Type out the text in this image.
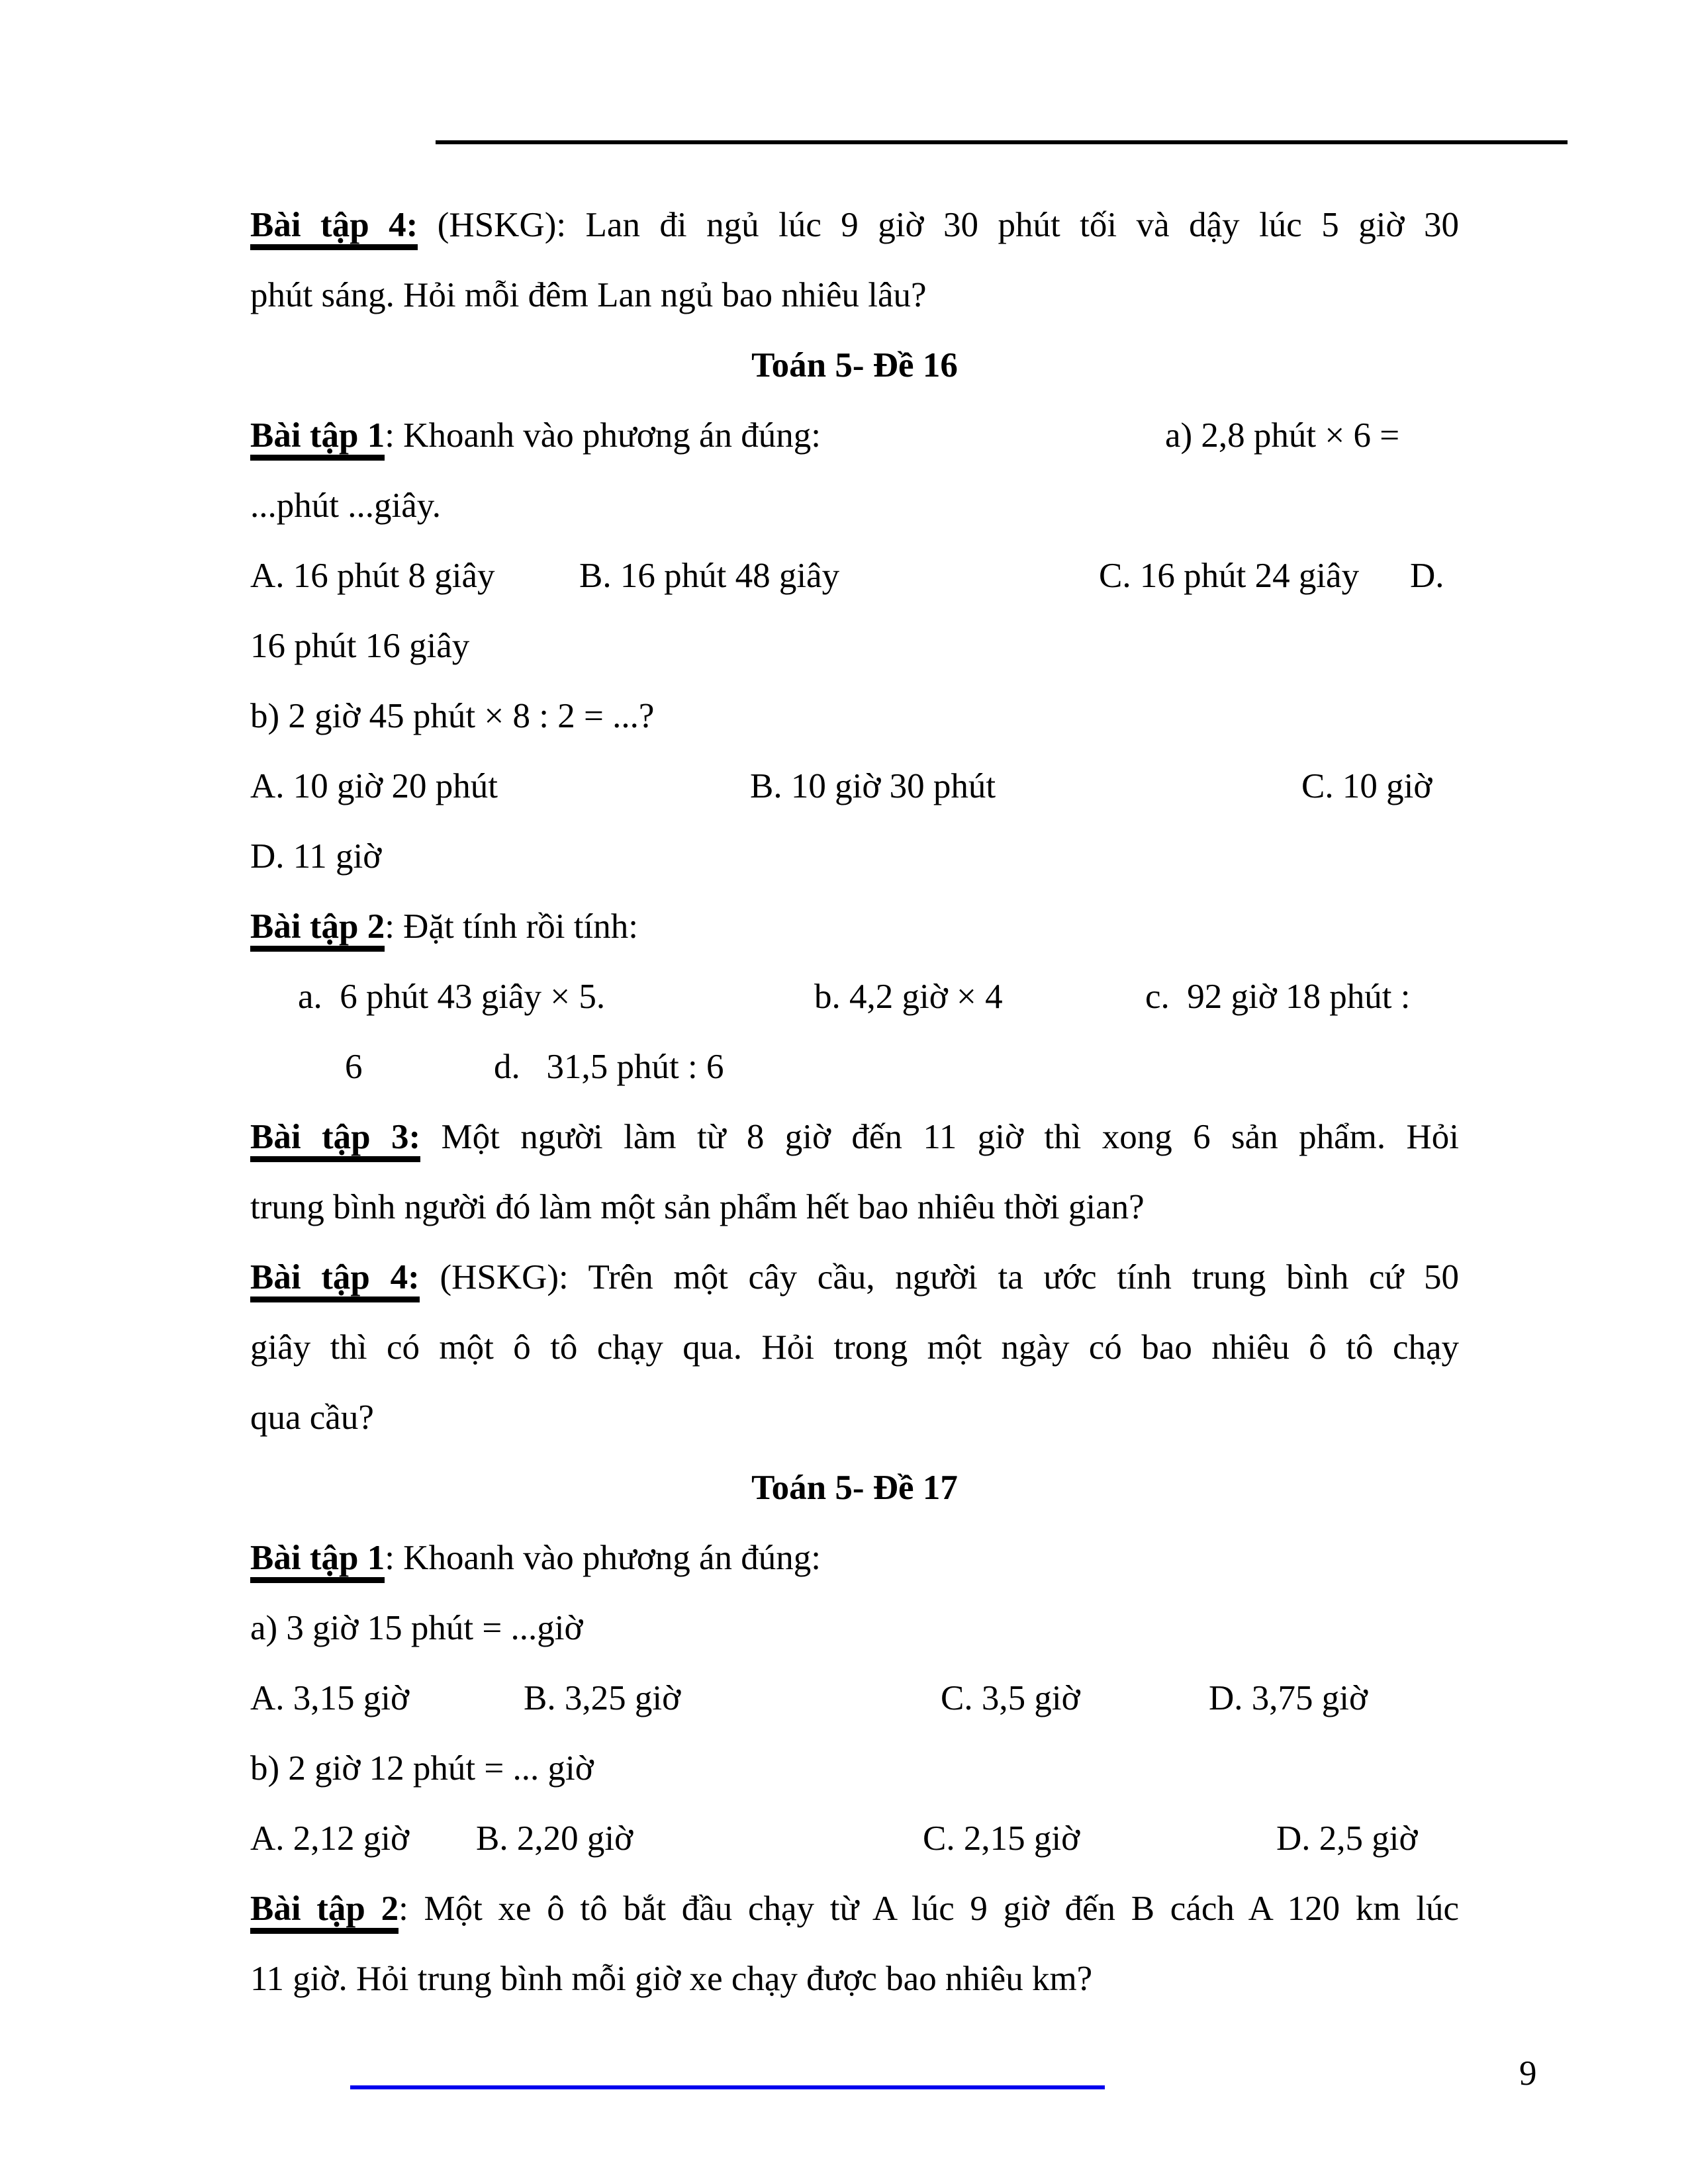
Bài tập 4: (HSKG): Lan đi ngủ lúc 9 giờ 30 phút tối và dậy lúc 5 giờ 30
phút sáng. Hỏi mỗi đêm Lan ngủ bao nhiêu lâu?
Toán 5- Đề 16
Bài tập 1: Khoanh vào phương án đúng:	a) 2,8 phút × 6 =
...phút ...giây.
A. 16 phút 8 giây B. 16 phút 48 giây	C. 16 phút 24 giây D.
16 phút 16 giây
b) 2 giờ 45 phút × 8 : 2 = ...?
A. 10 giờ 20 phút	B. 10 giờ 30 phút	C. 10 giờ
D. 11 giờ
Bài tập 2: Đặt tính rồi tính:
a.  6 phút 43 giây × 5.	b. 4,2 giờ × 4	c.  92 giờ 18 phút :
6	d.   31,5 phút : 6
Bài tập 3: Một người làm từ 8 giờ đến 11 giờ thì xong 6 sản phẩm. Hỏi
trung bình người đó làm một sản phẩm hết bao nhiêu thời gian?
Bài tập 4: (HSKG): Trên một cây cầu, người ta ước tính trung bình cứ 50
giây thì có một ô tô chạy qua. Hỏi trong một ngày có bao nhiêu ô tô chạy
qua cầu?
Toán 5- Đề 17
Bài tập 1: Khoanh vào phương án đúng:
a) 3 giờ 15 phút = ...giờ
A. 3,15 giờ	B. 3,25 giờ	C. 3,5 giờ	D. 3,75 giờ
b) 2 giờ 12 phút = ... giờ
A. 2,12 giờ B. 2,20 giờ	C. 2,15 giờ	D. 2,5 giờ
Bài tập 2: Một xe ô tô bắt đầu chạy từ A lúc 9 giờ đến B cách A 120 km lúc
11 giờ. Hỏi trung bình mỗi giờ xe chạy được bao nhiêu km?
9
